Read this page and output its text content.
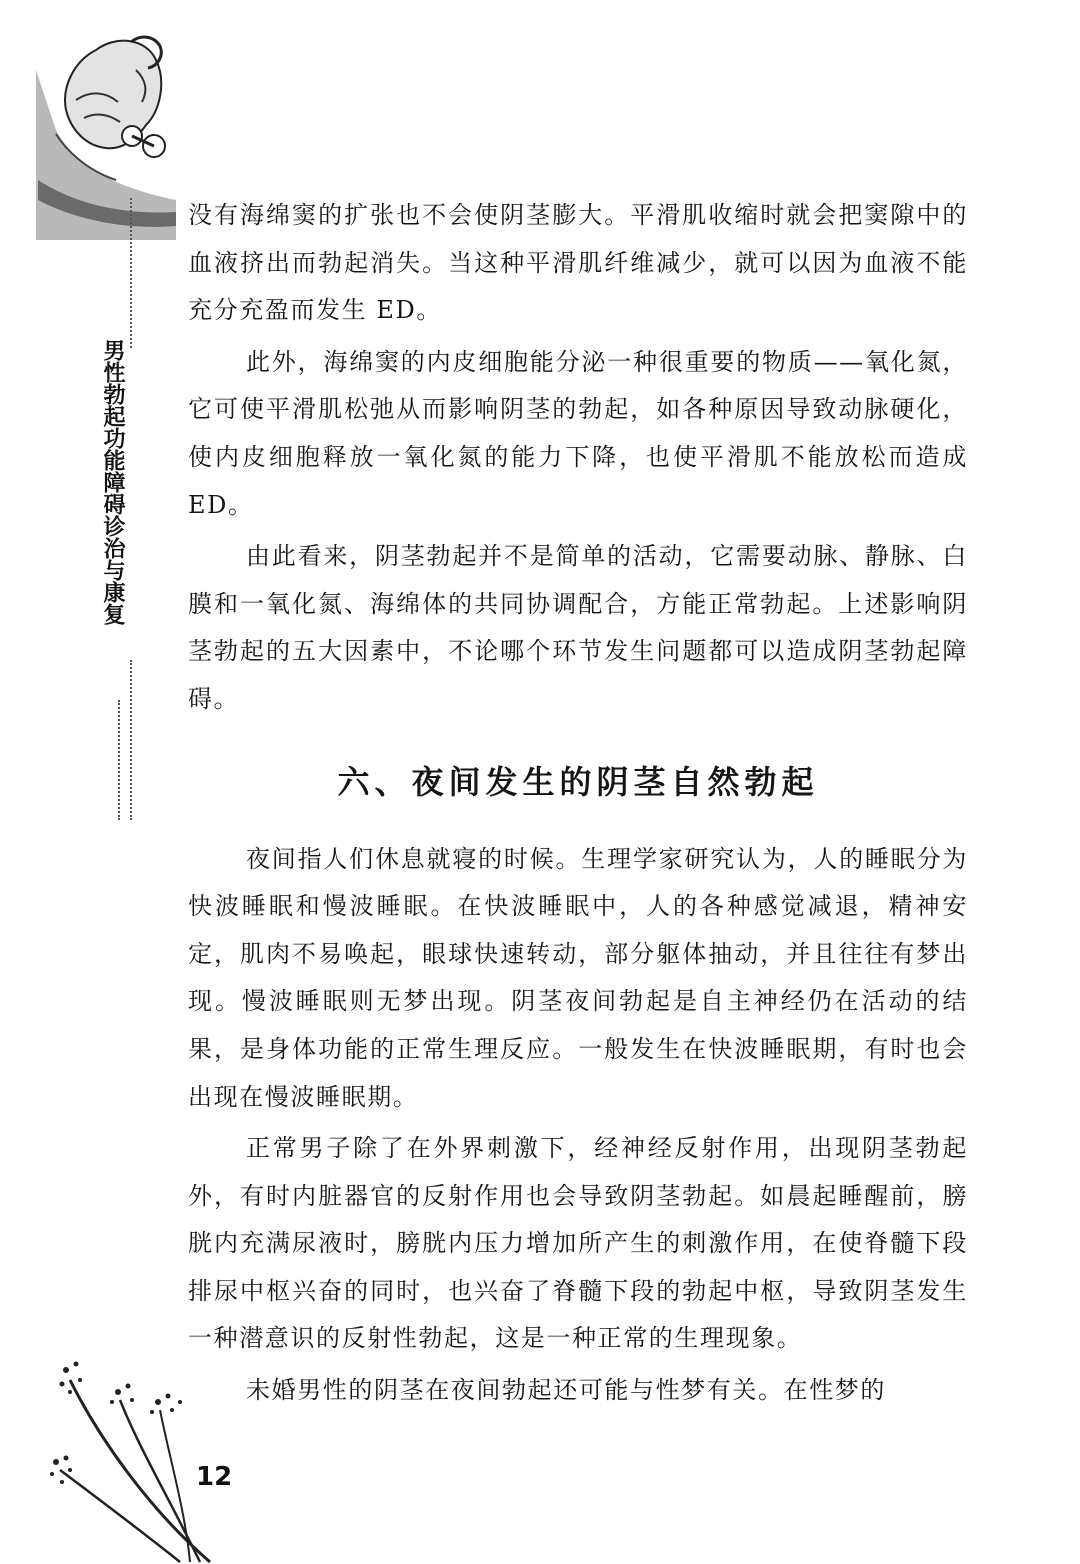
男性勃起功能障碍诊治与康复

没有海绵窦的扩张也不会使阴茎膨大。平滑肌收缩时就会把窦隙中的血液挤出而勃起消失。当这种平滑肌纤维减少，就可以因为血液不能充分充盈而发生 ED。

此外，海绵窦的内皮细胞能分泌一种很重要的物质——氧化氮，它可使平滑肌松弛从而影响阴茎的勃起，如各种原因导致动脉硬化，使内皮细胞释放一氧化氮的能力下降，也使平滑肌不能放松而造成 ED。

由此看来，阴茎勃起并不是简单的活动，它需要动脉、静脉、白膜和一氧化氮、海绵体的共同协调配合，方能正常勃起。上述影响阴茎勃起的五大因素中，不论哪个环节发生问题都可以造成阴茎勃起障碍。

六、夜间发生的阴茎自然勃起

夜间指人们休息就寝的时候。生理学家研究认为，人的睡眠分为快波睡眠和慢波睡眠。在快波睡眠中，人的各种感觉减退，精神安定，肌肉不易唤起，眼球快速转动，部分躯体抽动，并且往往有梦出现。慢波睡眠则无梦出现。阴茎夜间勃起是自主神经仍在活动的结果，是身体功能的正常生理反应。一般发生在快波睡眠期，有时也会出现在慢波睡眠期。

正常男子除了在外界刺激下，经神经反射作用，出现阴茎勃起外，有时内脏器官的反射作用也会导致阴茎勃起。如晨起睡醒前，膀胱内充满尿液时，膀胱内压力增加所产生的刺激作用，在使脊髓下段排尿中枢兴奋的同时，也兴奋了脊髓下段的勃起中枢，导致阴茎发生一种潜意识的反射性勃起，这是一种正常的生理现象。

未婚男性的阴茎在夜间勃起还可能与性梦有关。在性梦的

12
